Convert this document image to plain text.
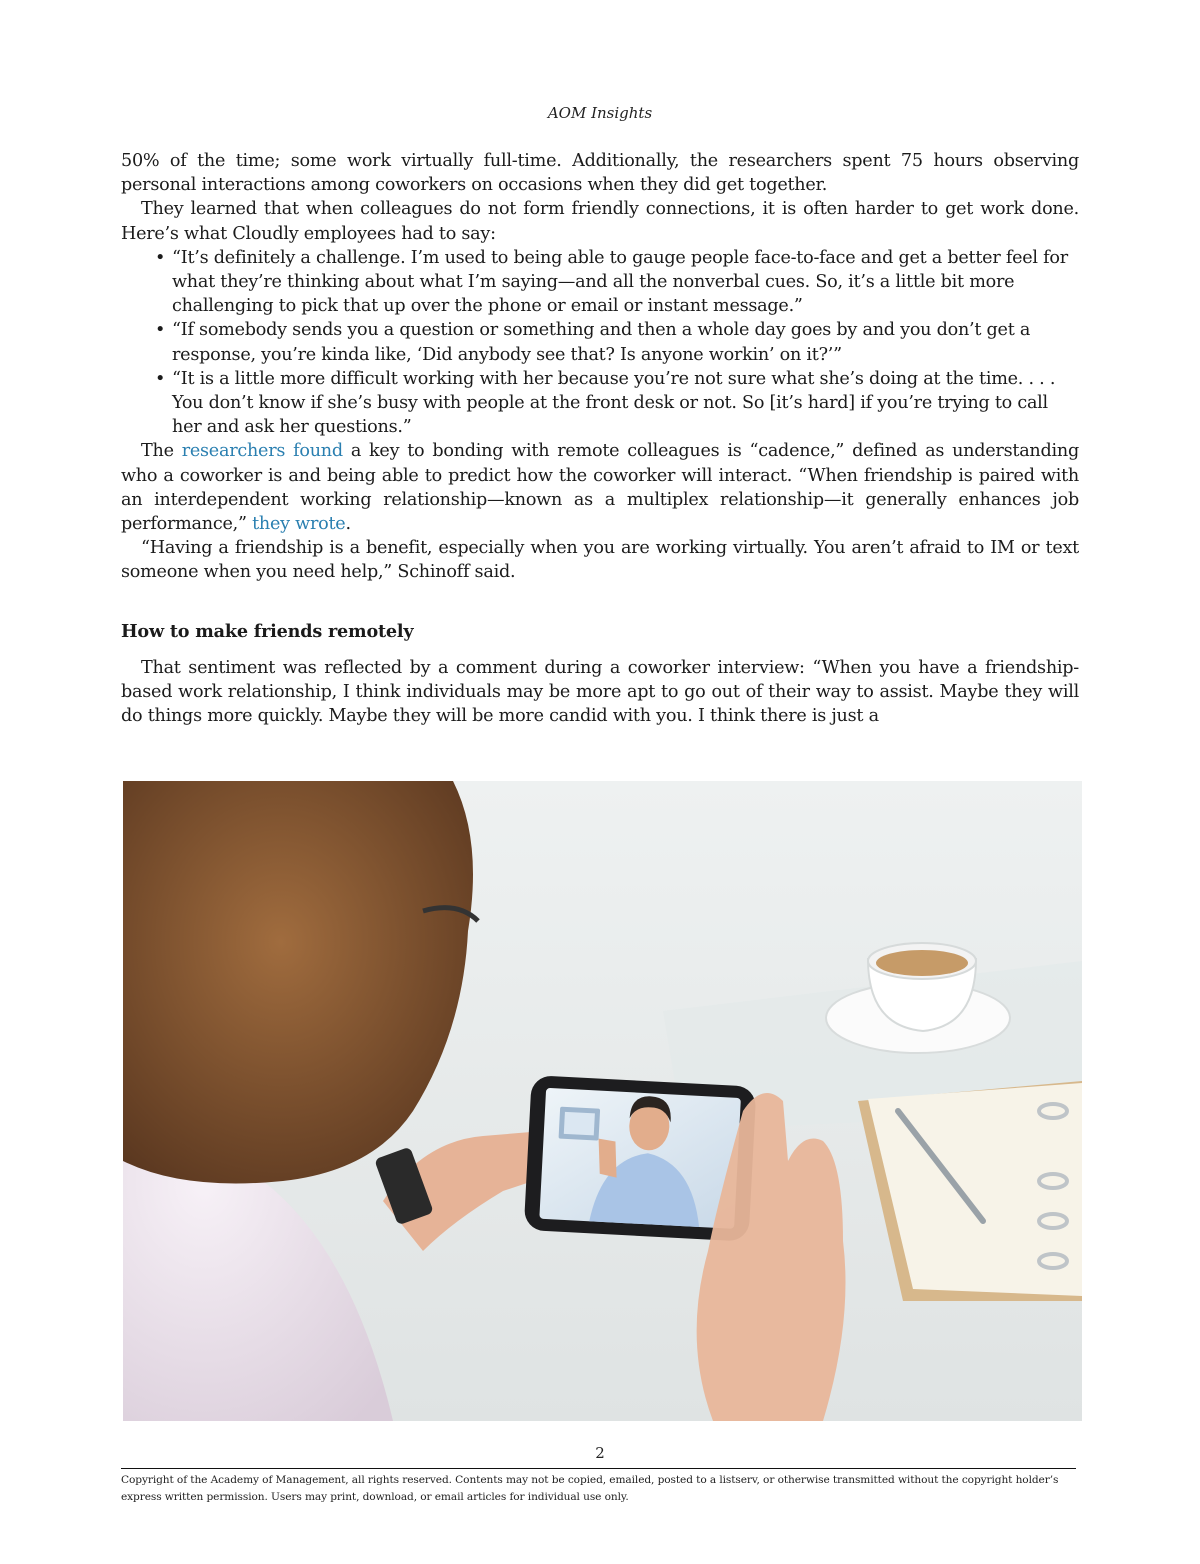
AOM Insights

50% of the time; some work virtually full-time. Additionally, the researchers spent 75 hours observing personal interactions among coworkers on occasions when they did get together.

They learned that when colleagues do not form friendly connections, it is often harder to get work done. Here’s what Cloudly employees had to say:

• “It’s definitely a challenge. I’m used to being able to gauge people face-to-face and get a better feel for what they’re thinking about what I’m saying—and all the nonverbal cues. So, it’s a little bit more challenging to pick that up over the phone or email or instant message.”
• “If somebody sends you a question or something and then a whole day goes by and you don’t get a response, you’re kinda like, ‘Did anybody see that? Is anyone workin’ on it?’”
• “It is a little more difficult working with her because you’re not sure what she’s doing at the time. . . . You don’t know if she’s busy with people at the front desk or not. So [it’s hard] if you’re trying to call her and ask her questions.”

The researchers found a key to bonding with remote colleagues is “cadence,” defined as understanding who a coworker is and being able to predict how the coworker will interact. “When friendship is paired with an interdependent working relationship—known as a multiplex relationship—it generally enhances job performance,” they wrote.

“Having a friendship is a benefit, especially when you are working virtually. You aren’t afraid to IM or text someone when you need help,” Schinoff said.

How to make friends remotely

That sentiment was reflected by a comment during a coworker interview: “When you have a friendship-based work relationship, I think individuals may be more apt to go out of their way to assist. Maybe they will do things more quickly. Maybe they will be more candid with you. I think there is just a

2
Copyright of the Academy of Management, all rights reserved. Contents may not be copied, emailed, posted to a listserv, or otherwise transmitted without the copyright holder’s express written permission. Users may print, download, or email articles for individual use only.
